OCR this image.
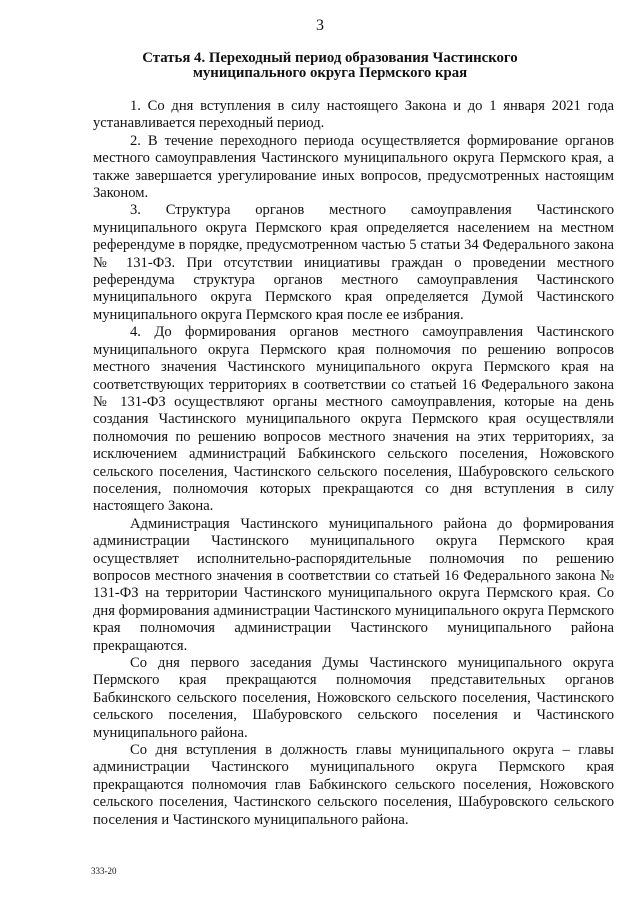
3
Статья 4. Переходный период образования Частинского муниципального округа Пермского края

1. Со дня вступления в силу настоящего Закона и до 1 января 2021 года устанавливается переходный период.

2. В течение переходного периода осуществляется формирование органов местного самоуправления Частинского муниципального округа Пермского края, а также завершается урегулирование иных вопросов, предусмотренных настоящим Законом.

3. Структура органов местного самоуправления Частинского муниципального округа Пермского края определяется населением на местном референдуме в порядке, предусмотренном частью 5 статьи 34 Федерального закона № 131-ФЗ. При отсутствии инициативы граждан о проведении местного референдума структура органов местного самоуправления Частинского муниципального округа Пермского края определяется Думой Частинского муниципального округа Пермского края после ее избрания.

4. До формирования органов местного самоуправления Частинского муниципального округа Пермского края полномочия по решению вопросов местного значения Частинского муниципального округа Пермского края на соответствующих территориях в соответствии со статьей 16 Федерального закона № 131-ФЗ осуществляют органы местного самоуправления, которые на день создания Частинского муниципального округа Пермского края осуществляли полномочия по решению вопросов местного значения на этих территориях, за исключением администраций Бабкинского сельского поселения, Ножовского сельского поселения, Частинского сельского поселения, Шабуровского сельского поселения, полномочия которых прекращаются со дня вступления в силу настоящего Закона.

Администрация Частинского муниципального района до формирования администрации Частинского муниципального округа Пермского края осуществляет исполнительно-распорядительные полномочия по решению вопросов местного значения в соответствии со статьей 16 Федерального закона № 131-ФЗ на территории Частинского муниципального округа Пермского края. Со дня формирования администрации Частинского муниципального округа Пермского края полномочия администрации Частинского муниципального района прекращаются.

Со дня первого заседания Думы Частинского муниципального округа Пермского края прекращаются полномочия представительных органов Бабкинского сельского поселения, Ножовского сельского поселения, Частинского сельского поселения, Шабуровского сельского поселения и Частинского муниципального района.

Со дня вступления в должность главы муниципального округа – главы администрации Частинского муниципального округа Пермского края прекращаются полномочия глав Бабкинского сельского поселения, Ножовского сельского поселения, Частинского сельского поселения, Шабуровского сельского поселения и Частинского муниципального района.

333-20
